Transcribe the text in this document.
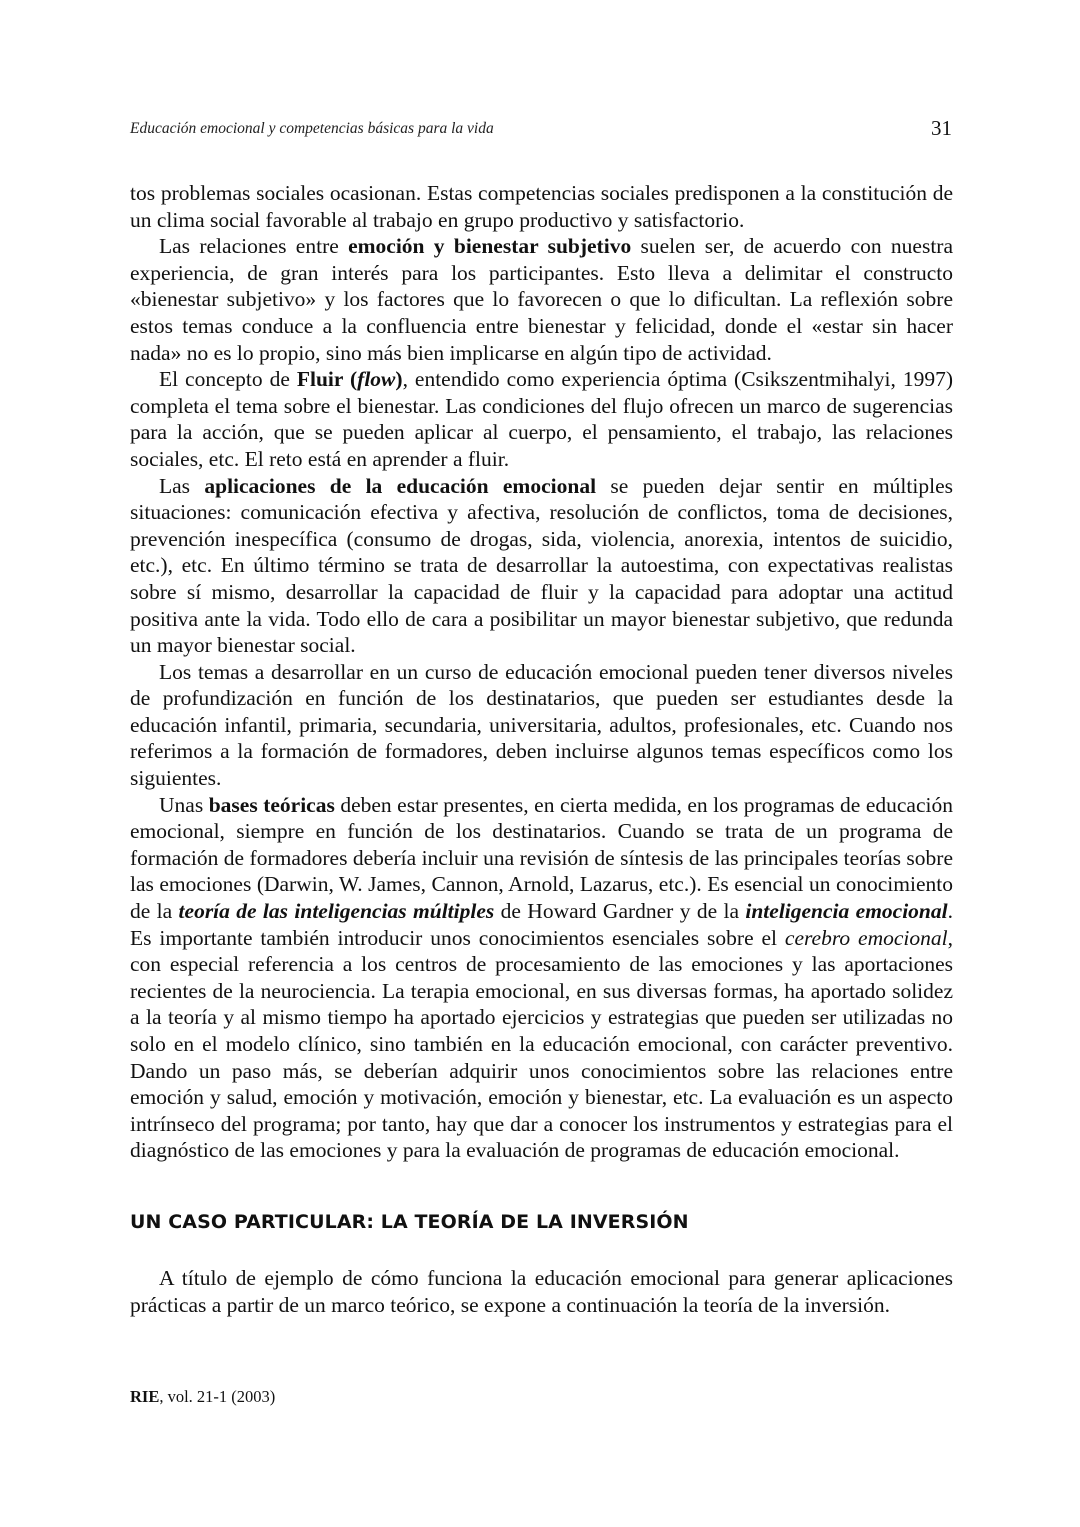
Educación emocional y competencias básicas para la vida	31

tos problemas sociales ocasionan. Estas competencias sociales predisponen a la constitución de un clima social favorable al trabajo en grupo productivo y satisfactorio.

Las relaciones entre emoción y bienestar subjetivo suelen ser, de acuerdo con nuestra experiencia, de gran interés para los participantes. Esto lleva a delimitar el constructo «bienestar subjetivo» y los factores que lo favorecen o que lo dificultan. La reflexión sobre estos temas conduce a la confluencia entre bienestar y felicidad, donde el «estar sin hacer nada» no es lo propio, sino más bien implicarse en algún tipo de actividad.

El concepto de Fluir (flow), entendido como experiencia óptima (Csikszentmihalyi, 1997) completa el tema sobre el bienestar. Las condiciones del flujo ofrecen un marco de sugerencias para la acción, que se pueden aplicar al cuerpo, el pensamiento, el trabajo, las relaciones sociales, etc. El reto está en aprender a fluir.

Las aplicaciones de la educación emocional se pueden dejar sentir en múltiples situaciones: comunicación efectiva y afectiva, resolución de conflictos, toma de decisiones, prevención inespecífica (consumo de drogas, sida, violencia, anorexia, intentos de suicidio, etc.), etc. En último término se trata de desarrollar la autoestima, con expectativas realistas sobre sí mismo, desarrollar la capacidad de fluir y la capacidad para adoptar una actitud positiva ante la vida. Todo ello de cara a posibilitar un mayor bienestar subjetivo, que redunda un mayor bienestar social.

Los temas a desarrollar en un curso de educación emocional pueden tener diversos niveles de profundización en función de los destinatarios, que pueden ser estudiantes desde la educación infantil, primaria, secundaria, universitaria, adultos, profesionales, etc. Cuando nos referimos a la formación de formadores, deben incluirse algunos temas específicos como los siguientes.

Unas bases teóricas deben estar presentes, en cierta medida, en los programas de educación emocional, siempre en función de los destinatarios. Cuando se trata de un programa de formación de formadores debería incluir una revisión de síntesis de las principales teorías sobre las emociones (Darwin, W. James, Cannon, Arnold, Lazarus, etc.). Es esencial un conocimiento de la teoría de las inteligencias múltiples de Howard Gardner y de la inteligencia emocional. Es importante también introducir unos conocimientos esenciales sobre el cerebro emocional, con especial referencia a los centros de procesamiento de las emociones y las aportaciones recientes de la neurociencia. La terapia emocional, en sus diversas formas, ha aportado solidez a la teoría y al mismo tiempo ha aportado ejercicios y estrategias que pueden ser utilizadas no solo en el modelo clínico, sino también en la educación emocional, con carácter preventivo. Dando un paso más, se deberían adquirir unos conocimientos sobre las relaciones entre emoción y salud, emoción y motivación, emoción y bienestar, etc. La evaluación es un aspecto intrínseco del programa; por tanto, hay que dar a conocer los instrumentos y estrategias para el diagnóstico de las emociones y para la evaluación de programas de educación emocional.

UN CASO PARTICULAR: LA TEORÍA DE LA INVERSIÓN

A título de ejemplo de cómo funciona la educación emocional para generar aplicaciones prácticas a partir de un marco teórico, se expone a continuación la teoría de la inversión.

RIE, vol. 21-1 (2003)
